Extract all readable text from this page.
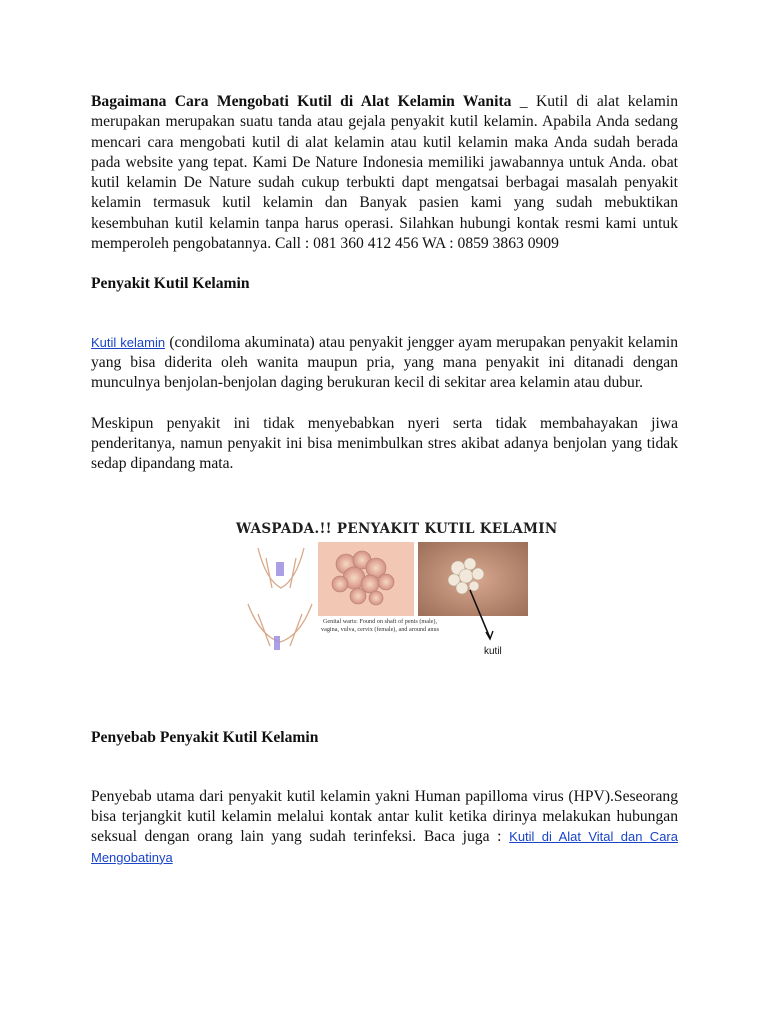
Bagaimana Cara Mengobati Kutil di Alat Kelamin Wanita _ Kutil di alat kelamin merupakan merupakan suatu tanda atau gejala penyakit kutil kelamin. Apabila Anda sedang mencari cara mengobati kutil di alat kelamin atau kutil kelamin maka Anda sudah berada pada website yang tepat. Kami De Nature Indonesia memiliki jawabannya untuk Anda. obat kutil kelamin De Nature sudah cukup terbukti dapt mengatsai berbagai masalah penyakit kelamin termasuk kutil kelamin dan Banyak pasien kami yang sudah mebuktikan kesembuhan kutil kelamin tanpa harus operasi. Silahkan hubungi kontak resmi kami untuk memperoleh pengobatannya. Call : 081 360 412 456 WA : 0859 3863 0909

Penyakit Kutil Kelamin

Kutil kelamin (condiloma akuminata) atau penyakit jengger ayam merupakan penyakit kelamin yang bisa diderita oleh wanita maupun pria, yang mana penyakit ini ditanadi dengan munculnya benjolan-benjolan daging berukuran kecil di sekitar area kelamin atau dubur.

Meskipun penyakit ini tidak menyebabkan nyeri serta tidak membahayakan jiwa penderitanya, namun penyakit ini bisa menimbulkan stres akibat adanya benjolan yang tidak sedap dipandang mata.

WASPADA.!! PENYAKIT KUTIL KELAMIN
Genital warts: Found on shaft of penis (male), vagina, vulva, cervix (female), and around anus
kutil

Penyebab Penyakit Kutil Kelamin

Penyebab utama dari penyakit kutil kelamin yakni Human papilloma virus (HPV).Seseorang bisa terjangkit kutil kelamin melalui kontak antar kulit ketika dirinya melakukan hubungan seksual dengan orang lain yang sudah terinfeksi. Baca juga : Kutil di Alat Vital dan Cara Mengobatinya
